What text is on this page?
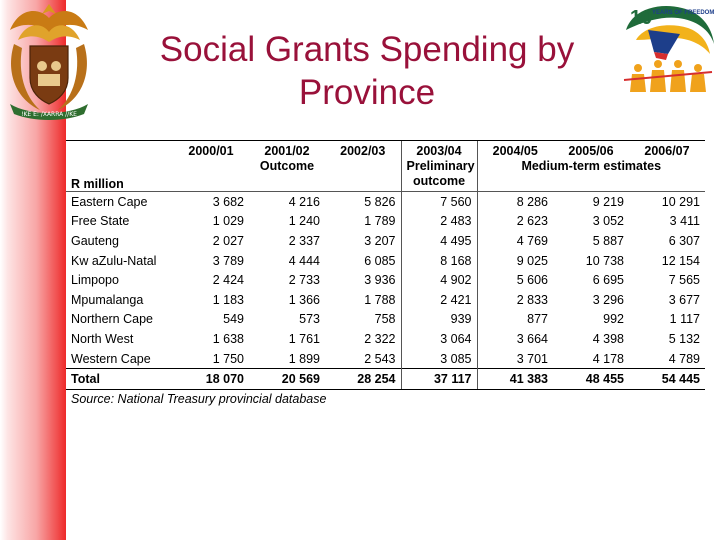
!KE E: /XARRA //KE
10 YEARS OF FREEDOM
Social Grants Spending by Province
	2000/01	2001/02	2002/03	2003/04	2004/05	2005/06	2006/07
		Outcome		Preliminary	Medium-term estimates		
R million				outcome			
Eastern Cape	3 682	4 216	5 826	7 560	8 286	9 219	10 291
Free State	1 029	1 240	1 789	2 483	2 623	3 052	3 411
Gauteng	2 027	2 337	3 207	4 495	4 769	5 887	6 307
Kw aZulu-Natal	3 789	4 444	6 085	8 168	9 025	10 738	12 154
Limpopo	2 424	2 733	3 936	4 902	5 606	6 695	7 565
Mpumalanga	1 183	1 366	1 788	2 421	2 833	3 296	3 677
Northern Cape	549	573	758	939	877	992	1 117
North West	1 638	1 761	2 322	3 064	3 664	4 398	5 132
Western Cape	1 750	1 899	2 543	3 085	3 701	4 178	4 789
Total	18 070	20 569	28 254	37 117	41 383	48 455	54 445
Source: National Treasury provincial database
